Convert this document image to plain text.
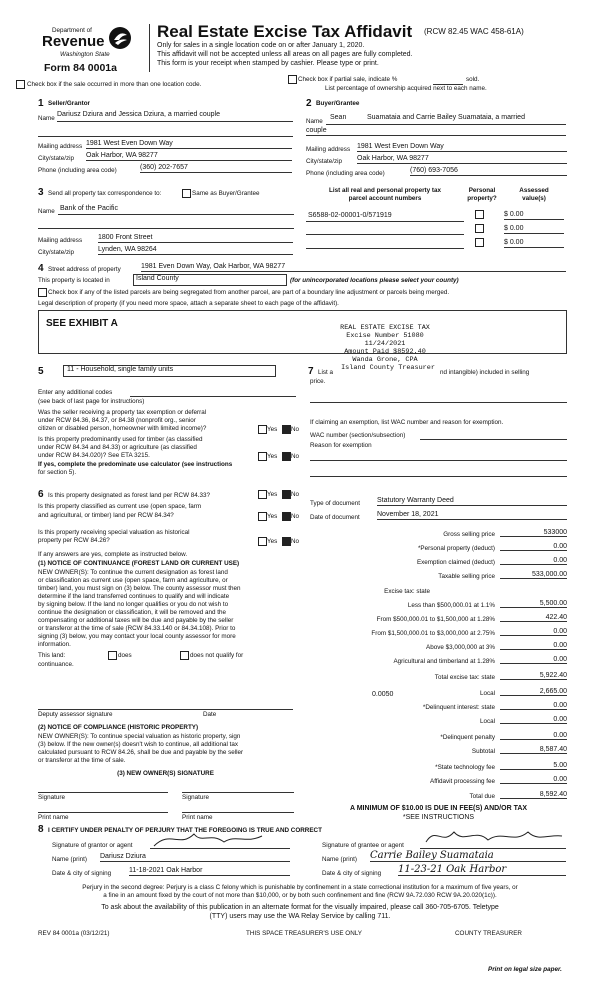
Department of
Revenue
Washington State
Form 84 0001a
Real Estate Excise Tax Affidavit (RCW 82.45 WAC 458-61A)
Only for sales in a single location code on or after January 1, 2020.
This affidavit will not be accepted unless all areas on all pages are fully completed.
This form is your receipt when stamped by cashier. Please type or print.
Check box if the sale occurred in more than one location code.
Check box if partial sale, indicate %	sold.
List percentage of ownership acquired next to each name.
1 Seller/Grantor
Name
Dariusz Dziura and Jessica Dziura, a married couple
Mailing address 1981 West Even Down Way
City/state/zip Oak Harbor, WA 98277
Phone (including area code)	(360) 202-7657
2 Buyer/Grantee
Name
Sean	Suamataia and Carrie Bailey Suamataia, a married
couple
Mailing address 1981 West Even Down Way
City/state/zip Oak Harbor, WA 98277
Phone (including area code)	(760) 693-7056
3 Send all property tax correspondence to:	Same as Buyer/Grantee
Name Bank of the Pacific
Mailing address 1800 Front Street
City/state/zip	Lynden, WA 98264
List all real and personal property tax
parcel account numbers
Personal
property?
Assessed
value(s)
S6588-02-00001-0/571919	$ 0.00
$ 0.00
$ 0.00
4 Street address of property	1981 Even Down Way, Oak Harbor, WA 98277
This property is located in	Island County	(for unincorporated locations please select your county)
Check box if any of the listed parcels are being segregated from another parcel, are part of a boundary line adjustment or parcels being merged.
Legal description of property (if you need more space, attach a separate sheet to each page of the affidavit).
SEE EXHIBIT A	REAL ESTATE EXCISE TAX
Excise Number 51080
11/24/2021
Amount Paid $8592.40
Wanda Grone, CPA
5	11 - Household, single family units	7 List a
Island County Treasurer
nd intangible) included in selling
price.
Enter any additional codes
(see back of last page for instructions)
Was the seller receiving a property tax exemption or deferral
under RCW 84.36, 84.37, or 84.38 (nonprofit org., senior
citizen or disabled person, homeowner with limited income)?	Yes No
Is this property predominantly used for timber (as classified
under RCW 84.34 and 84.33) or agriculture (as classified
under RCW 84.34.020)? See ETA 3215.	Yes No
If yes, complete the predominate use calculator (see instructions
for section 5).
If claiming an exemption, list WAC number and reason for exemption.
WAC number (section/subsection)
Reason for exemption
6 Is this property designated as forest land per RCW 84.33?	Yes No
Is this property classified as current use (open space, farm
and agricultural, or timber) land per RCW 84.34?	Yes No
Is this property receiving special valuation as historical
property per RCW 84.26?	Yes No
If any answers are yes, complete as instructed below.
(1) NOTICE OF CONTINUANCE (FOREST LAND OR CURRENT USE)
NEW OWNER(S): To continue the current designation as forest land
or classification as current use (open space, farm and agriculture, or
timber) land, you must sign on (3) below. The county assessor must then
determine if the land transferred continues to qualify and will indicate
by signing below. If the land no longer qualifies or you do not wish to
continue the designation or classification, it will be removed and the
compensating or additional taxes will be due and payable by the seller
or transferor at the time of sale (RCW 84.33.140 or 84.34.108). Prior to
signing (3) below, you may contact your local county assessor for more
information.
This land:	does	does not qualify for
continuance.
Deputy assessor signature	Date
(2) NOTICE OF COMPLIANCE (HISTORIC PROPERTY)
NEW OWNER(S): To continue special valuation as historic property, sign
(3) below. If the new owner(s) doesn't wish to continue, all additional tax
calculated pursuant to RCW 84.26, shall be due and payable by the seller
or transferor at the time of sale.
(3) NEW OWNER(S) SIGNATURE
Signature	Signature
Print name	Print name
Type of document Statutory Warranty Deed
Date of document November 18, 2021
Gross selling price	533000
*Personal property (deduct)	0.00
Exemption claimed (deduct)	0.00
Taxable selling price	533,000.00
Excise tax: state
Less than $500,000.01 at 1.1%	5,500.00
From $500,000.01 to $1,500,000 at 1.28%	422.40
From $1,500,000.01 to $3,000,000 at 2.75%	0.00
Above $3,000,000 at 3%	0.00
Agricultural and timberland at 1.28%	0.00
Total excise tax: state	5,922.40
Local	2,665.00
*Delinquent interest: state	0.00
Local	0.00
*Delinquent penalty	0.00
Subtotal	8,587.40
*State technology fee	5.00
Affidavit processing fee	0.00
Total due	8,592.40
0.0050
A MINIMUM OF $10.00 IS DUE IN FEE(S) AND/OR TAX
*SEE INSTRUCTIONS
8 I CERTIFY UNDER PENALTY OF PERJURY THAT THE FOREGOING IS TRUE AND CORRECT
Signature of grantor or agent
Name (print) Dariusz Dziura
Date & city of signing	11-18-2021 Oak Harbor
Signature of grantee or agent
Name (print) Carrie Bailey Suamataia
Date & city of signing 11-23-21 Oak Harbor
Perjury in the second degree: Perjury is a class C felony which is punishable by confinement in a state correctional institution for a maximum of five years, or
a fine in an amount fixed by the court of not more than $10,000, or by both such confinement and fine (RCW 9A.72.030 RCW 9A.20.020(1c)).
To ask about the availability of this publication in an alternate format for the visually impaired, please call 360-705-6705. Teletype
(TTY) users may use the WA Relay Service by calling 711.
REV 84 0001a (03/12/21)	THIS SPACE TREASURER'S USE ONLY	COUNTY TREASURER
Print on legal size paper.
